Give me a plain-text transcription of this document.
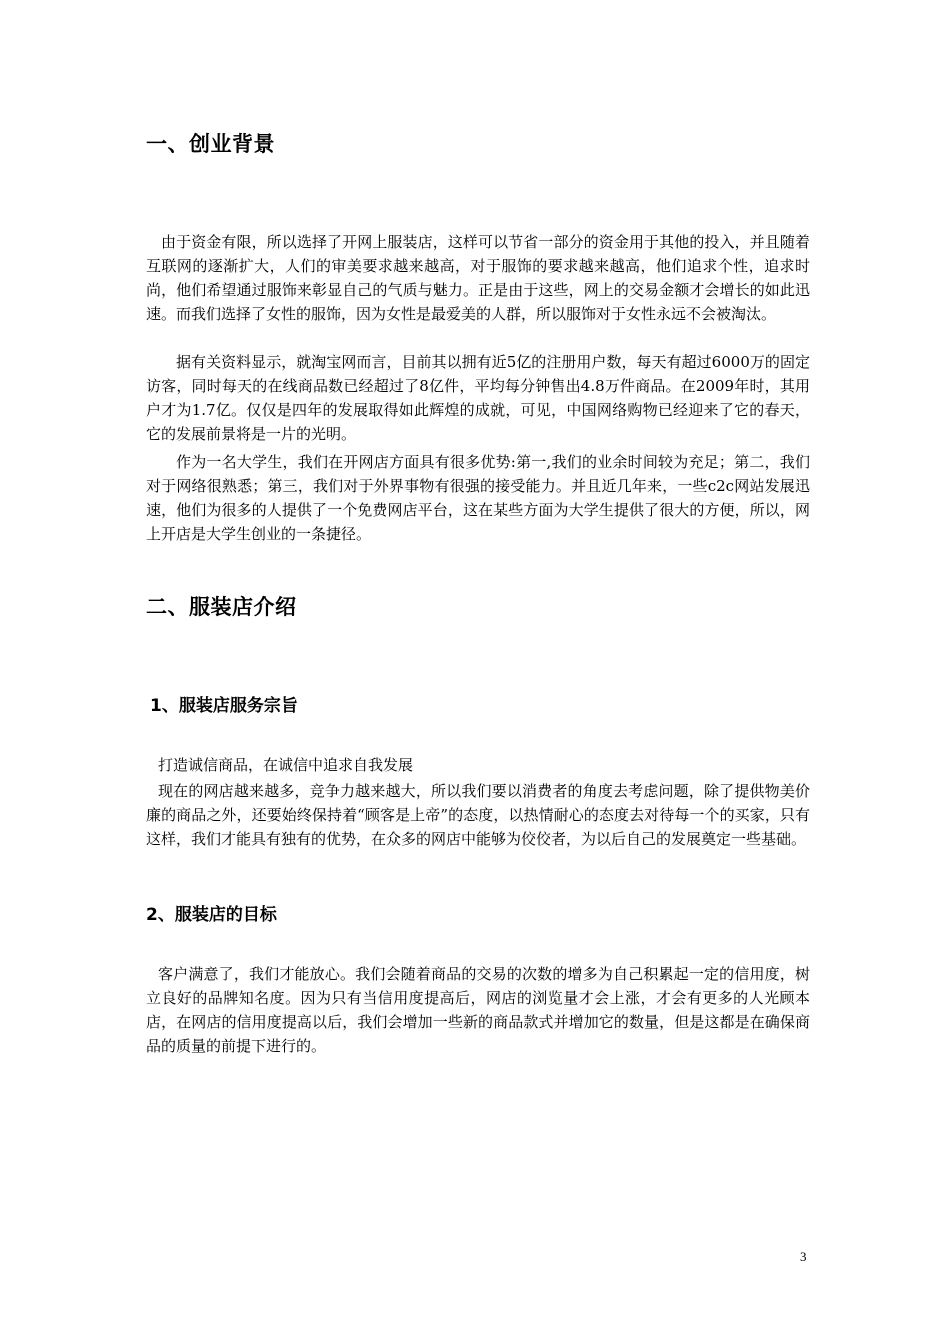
一、创业背景
由于资金有限，所以选择了开网上服装店，这样可以节省一部分的资金用于其他的投入，并且随着互联网的逐渐扩大，人们的审美要求越来越高，对于服饰的要求越来越高，他们追求个性，追求时尚，他们希望通过服饰来彰显自己的气质与魅力。正是由于这些，网上的交易金额才会增长的如此迅速。而我们选择了女性的服饰，因为女性是最爱美的人群，所以服饰对于女性永远不会被淘汰。
据有关资料显示，就淘宝网而言，目前其以拥有近5亿的注册用户数，每天有超过6000万的固定访客，同时每天的在线商品数已经超过了8亿件，平均每分钟售出4.8万件商品。在2009年时，其用户才为1.7亿。仅仅是四年的发展取得如此辉煌的成就，可见，中国网络购物已经迎来了它的春天，它的发展前景将是一片的光明。
作为一名大学生，我们在开网店方面具有很多优势:第一,我们的业余时间较为充足；第二，我们对于网络很熟悉；第三，我们对于外界事物有很强的接受能力。并且近几年来，一些c2c网站发展迅速，他们为很多的人提供了一个免费网店平台，这在某些方面为大学生提供了很大的方便，所以，网上开店是大学生创业的一条捷径。
二、服装店介绍
1、服装店服务宗旨
打造诚信商品，在诚信中追求自我发展
现在的网店越来越多，竞争力越来越大，所以我们要以消费者的角度去考虑问题，除了提供物美价廉的商品之外，还要始终保持着“顾客是上帝”的态度，以热情耐心的态度去对待每一个的买家，只有这样，我们才能具有独有的优势，在众多的网店中能够为佼佼者，为以后自己的发展奠定一些基础。
2、服装店的目标
客户满意了，我们才能放心。我们会随着商品的交易的次数的增多为自己积累起一定的信用度，树立良好的品牌知名度。因为只有当信用度提高后，网店的浏览量才会上涨，才会有更多的人光顾本店，在网店的信用度提高以后，我们会增加一些新的商品款式并增加它的数量，但是这都是在确保商品的质量的前提下进行的。
3
